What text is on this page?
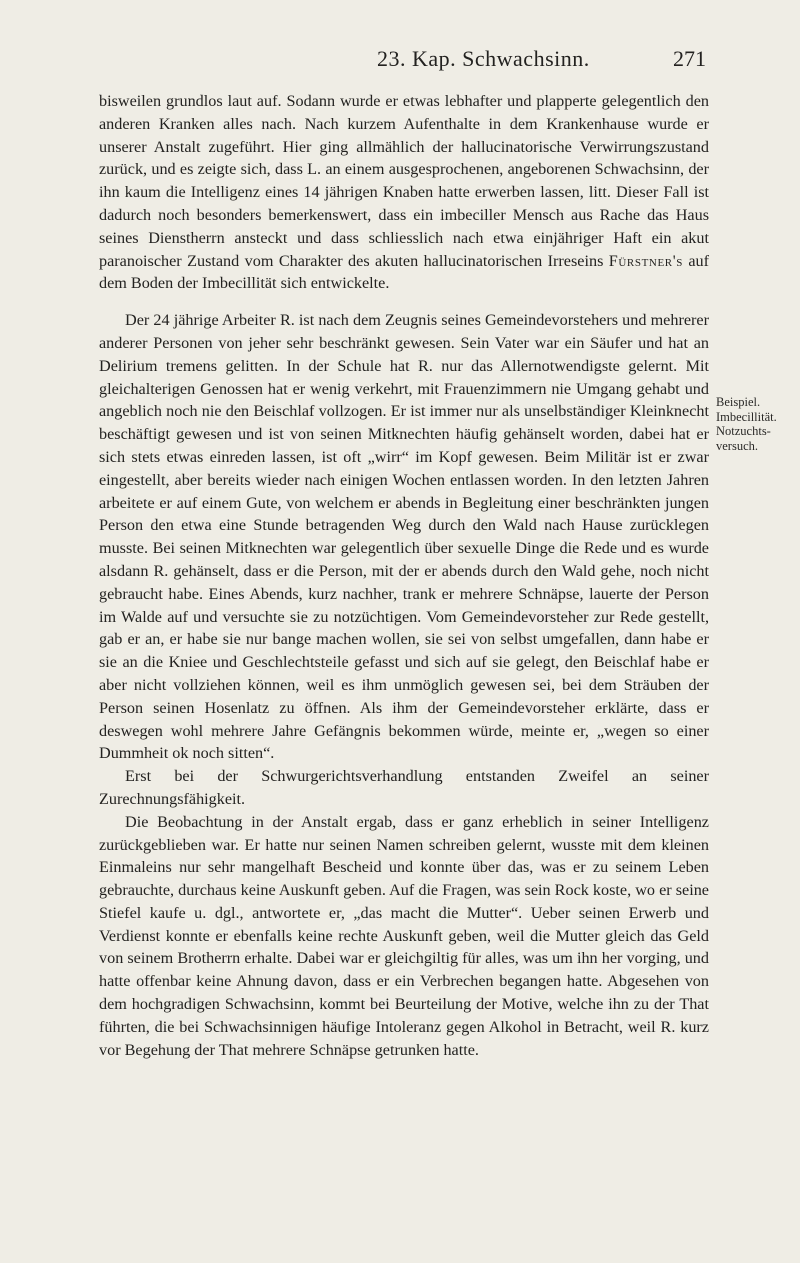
23. Kap. Schwachsinn.	271
Beispiel.
Imbecillität.
Notzuchts-
versuch.

bisweilen grundlos laut auf. Sodann wurde er etwas lebhafter und plapperte gelegentlich den anderen Kranken alles nach. Nach kurzem Aufenthalte in dem Krankenhause wurde er unserer Anstalt zugeführt. Hier ging allmählich der hallucinatorische Verwirrungszustand zurück, und es zeigte sich, dass L. an einem ausgesprochenen, angeborenen Schwachsinn, der ihn kaum die Intelligenz eines 14 jährigen Knaben hatte erwerben lassen, litt. Dieser Fall ist dadurch noch besonders bemerkenswert, dass ein imbeciller Mensch aus Rache das Haus seines Dienstherrn ansteckt und dass schliesslich nach etwa einjähriger Haft ein akut paranoischer Zustand vom Charakter des akuten hallucinatorischen Irreseins Fürstner's auf dem Boden der Imbecillität sich entwickelte.

Der 24 jährige Arbeiter R. ist nach dem Zeugnis seines Gemeindevorstehers und mehrerer anderer Personen von jeher sehr beschränkt gewesen. Sein Vater war ein Säufer und hat an Delirium tremens gelitten. In der Schule hat R. nur das Allernotwendigste gelernt. Mit gleichalterigen Genossen hat er wenig verkehrt, mit Frauenzimmern nie Umgang gehabt und angeblich noch nie den Beischlaf vollzogen. Er ist immer nur als unselbständiger Kleinknecht beschäftigt gewesen und ist von seinen Mitknechten häufig gehänselt worden, dabei hat er sich stets etwas einreden lassen, ist oft „wirr“ im Kopf gewesen. Beim Militär ist er zwar eingestellt, aber bereits wieder nach einigen Wochen entlassen worden. In den letzten Jahren arbeitete er auf einem Gute, von welchem er abends in Begleitung einer beschränkten jungen Person den etwa eine Stunde betragenden Weg durch den Wald nach Hause zurücklegen musste. Bei seinen Mitknechten war gelegentlich über sexuelle Dinge die Rede und es wurde alsdann R. gehänselt, dass er die Person, mit der er abends durch den Wald gehe, noch nicht gebraucht habe. Eines Abends, kurz nachher, trank er mehrere Schnäpse, lauerte der Person im Walde auf und versuchte sie zu notzüchtigen. Vom Gemeindevorsteher zur Rede gestellt, gab er an, er habe sie nur bange machen wollen, sie sei von selbst umgefallen, dann habe er sie an die Kniee und Geschlechtsteile gefasst und sich auf sie gelegt, den Beischlaf habe er aber nicht vollziehen können, weil es ihm unmöglich gewesen sei, bei dem Sträuben der Person seinen Hosenlatz zu öffnen. Als ihm der Gemeindevorsteher erklärte, dass er deswegen wohl mehrere Jahre Gefängnis bekommen würde, meinte er, „wegen so einer Dummheit ok noch sitten“.

Erst bei der Schwurgerichtsverhandlung entstanden Zweifel an seiner Zurechnungsfähigkeit.

Die Beobachtung in der Anstalt ergab, dass er ganz erheblich in seiner Intelligenz zurückgeblieben war. Er hatte nur seinen Namen schreiben gelernt, wusste mit dem kleinen Einmaleins nur sehr mangelhaft Bescheid und konnte über das, was er zu seinem Leben gebrauchte, durchaus keine Auskunft geben. Auf die Fragen, was sein Rock koste, wo er seine Stiefel kaufe u. dgl., antwortete er, „das macht die Mutter“. Ueber seinen Erwerb und Verdienst konnte er ebenfalls keine rechte Auskunft geben, weil die Mutter gleich das Geld von seinem Brotherrn erhalte. Dabei war er gleichgiltig für alles, was um ihn her vorging, und hatte offenbar keine Ahnung davon, dass er ein Verbrechen begangen hatte. Abgesehen von dem hochgradigen Schwachsinn, kommt bei Beurteilung der Motive, welche ihn zu der That führten, die bei Schwachsinnigen häufige Intoleranz gegen Alkohol in Betracht, weil R. kurz vor Begehung der That mehrere Schnäpse getrunken hatte.
